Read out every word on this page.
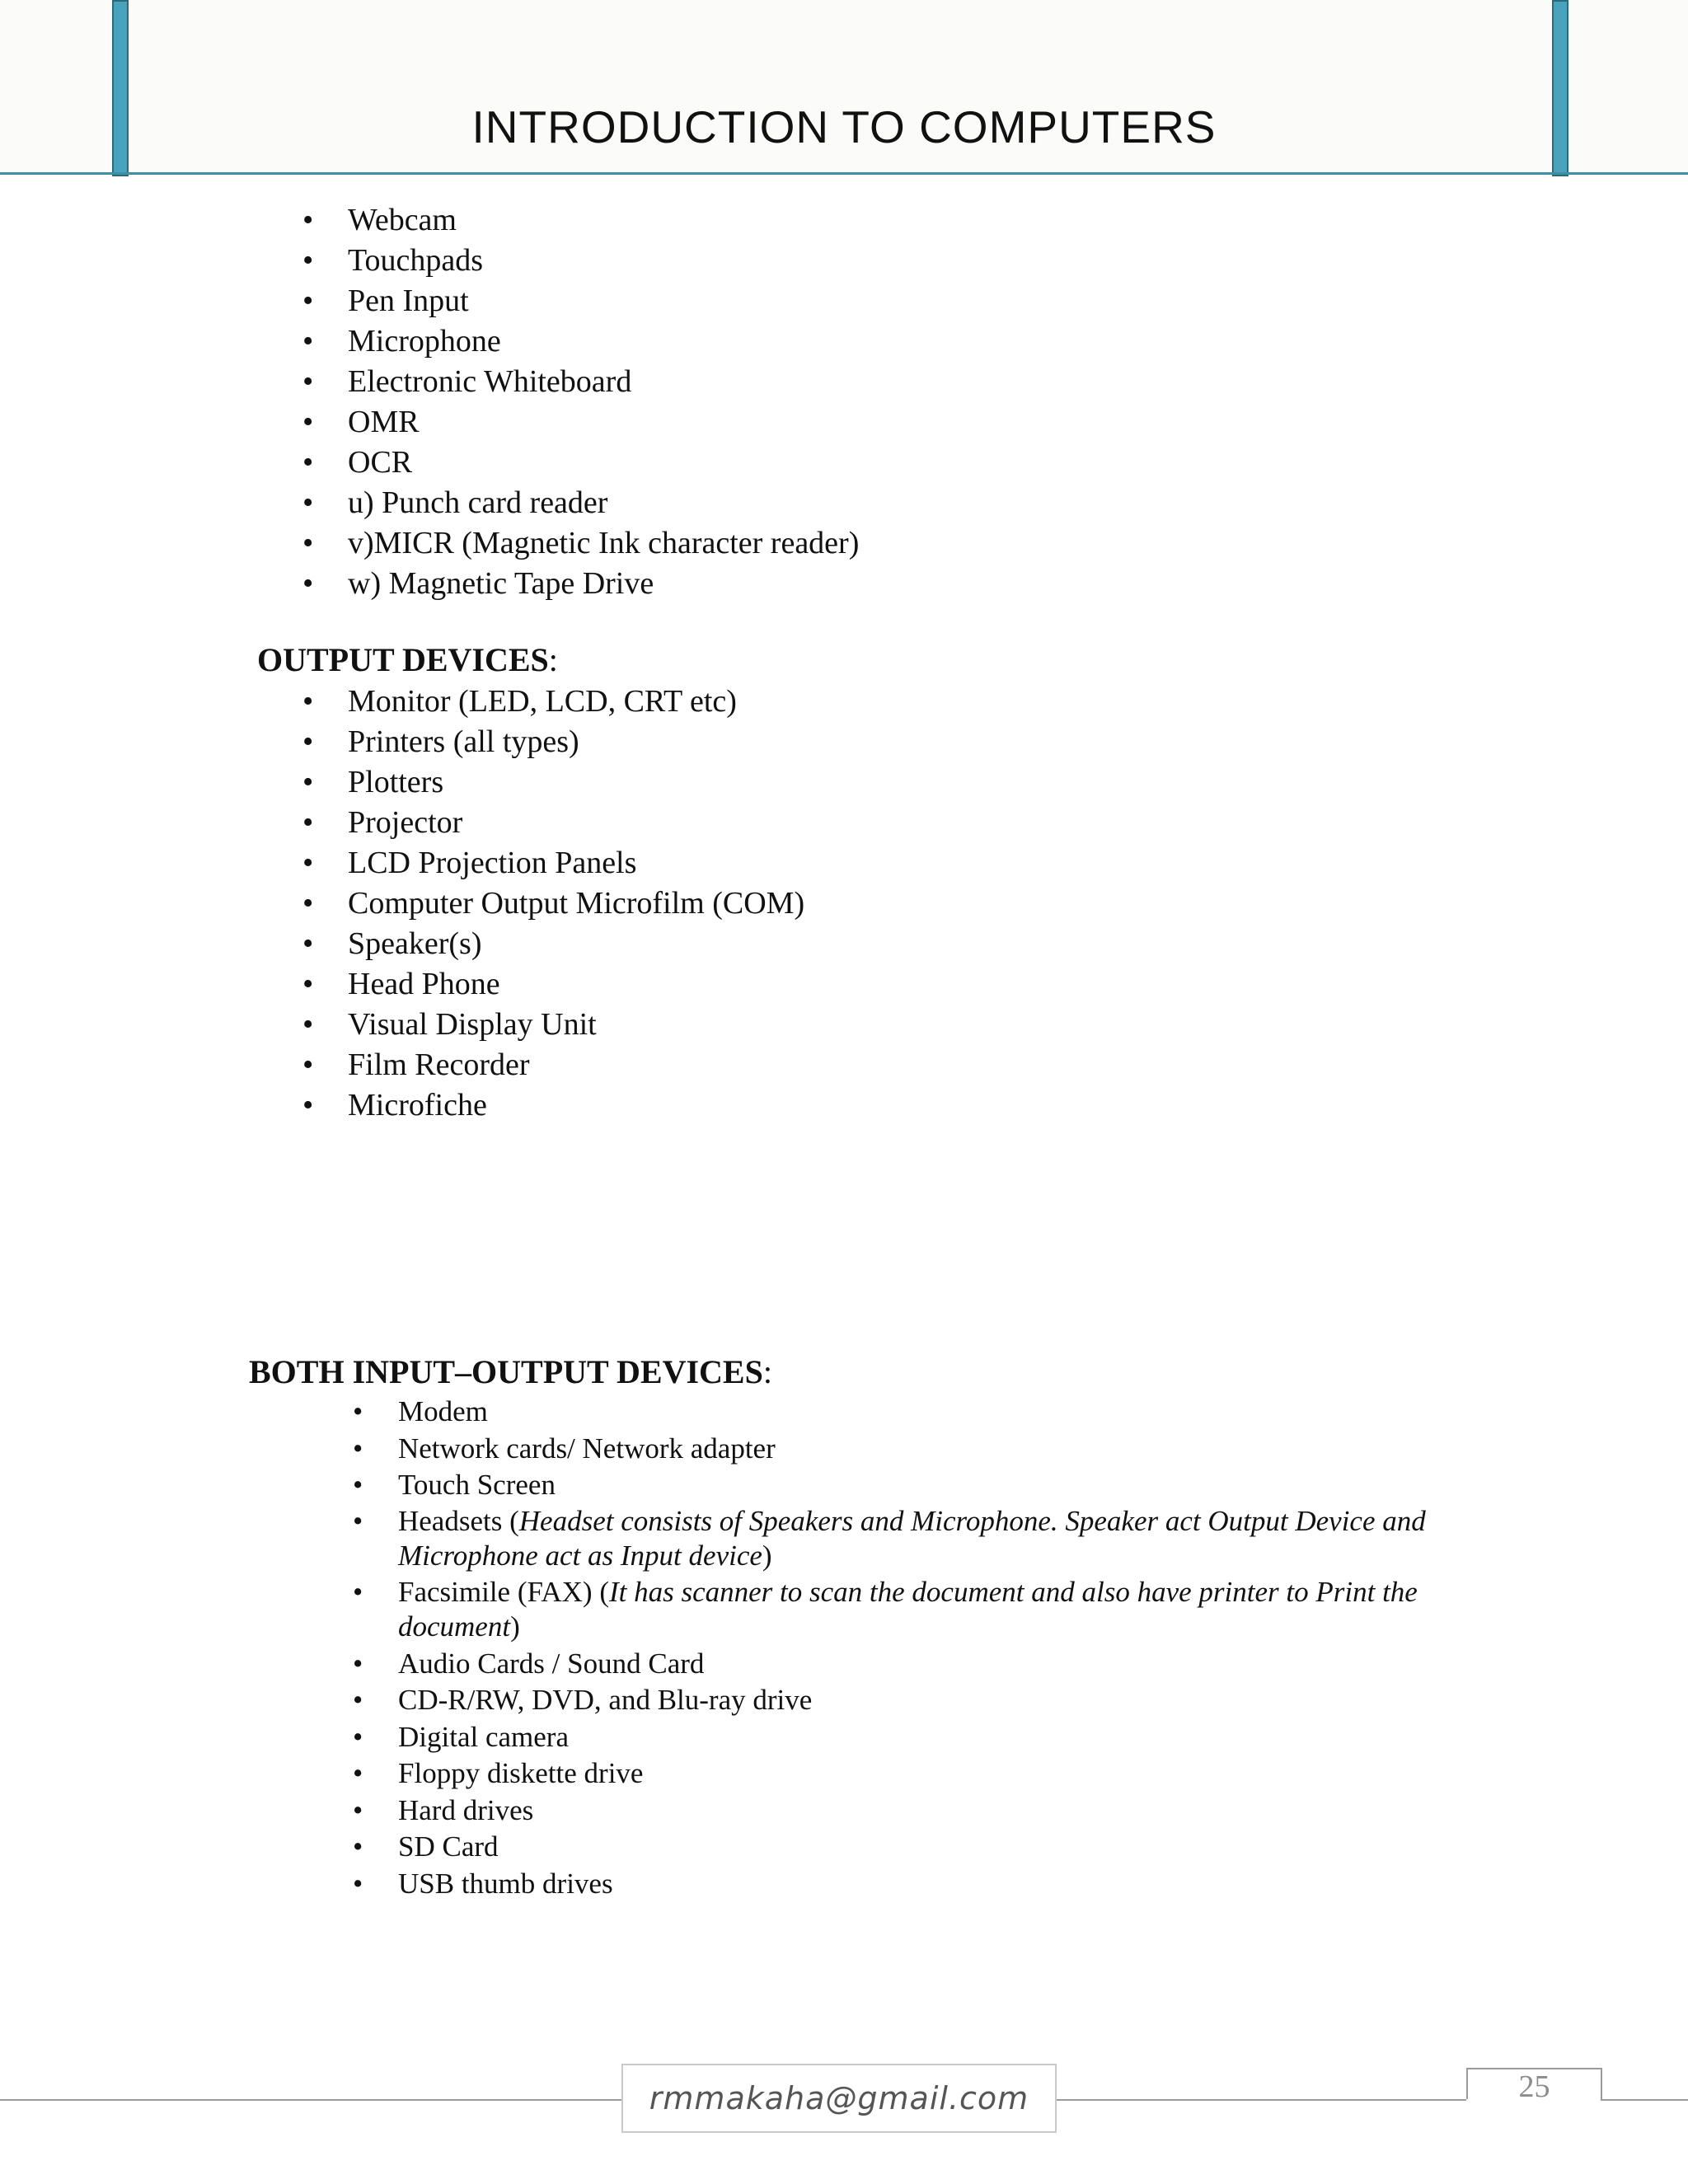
INTRODUCTION TO COMPUTERS
• Webcam
• Touchpads
• Pen Input
• Microphone
• Electronic Whiteboard
• OMR
• OCR
• u) Punch card reader
• v)MICR (Magnetic Ink character reader)
• w) Magnetic Tape Drive
OUTPUT DEVICES:
• Monitor (LED, LCD, CRT etc)
• Printers (all types)
• Plotters
• Projector
• LCD Projection Panels
• Computer Output Microfilm (COM)
• Speaker(s)
• Head Phone
• Visual Display Unit
• Film Recorder
• Microfiche
BOTH INPUT–OUTPUT DEVICES:
• Modem
• Network cards/ Network adapter
• Touch Screen
• Headsets (Headset consists of Speakers and Microphone. Speaker act Output Device and Microphone act as Input device)
• Facsimile (FAX) (It has scanner to scan the document and also have printer to Print the document)
• Audio Cards / Sound Card
• CD-R/RW, DVD, and Blu-ray drive
• Digital camera
• Floppy diskette drive
• Hard drives
• SD Card
• USB thumb drives
rmmakaha@gmail.com	25
